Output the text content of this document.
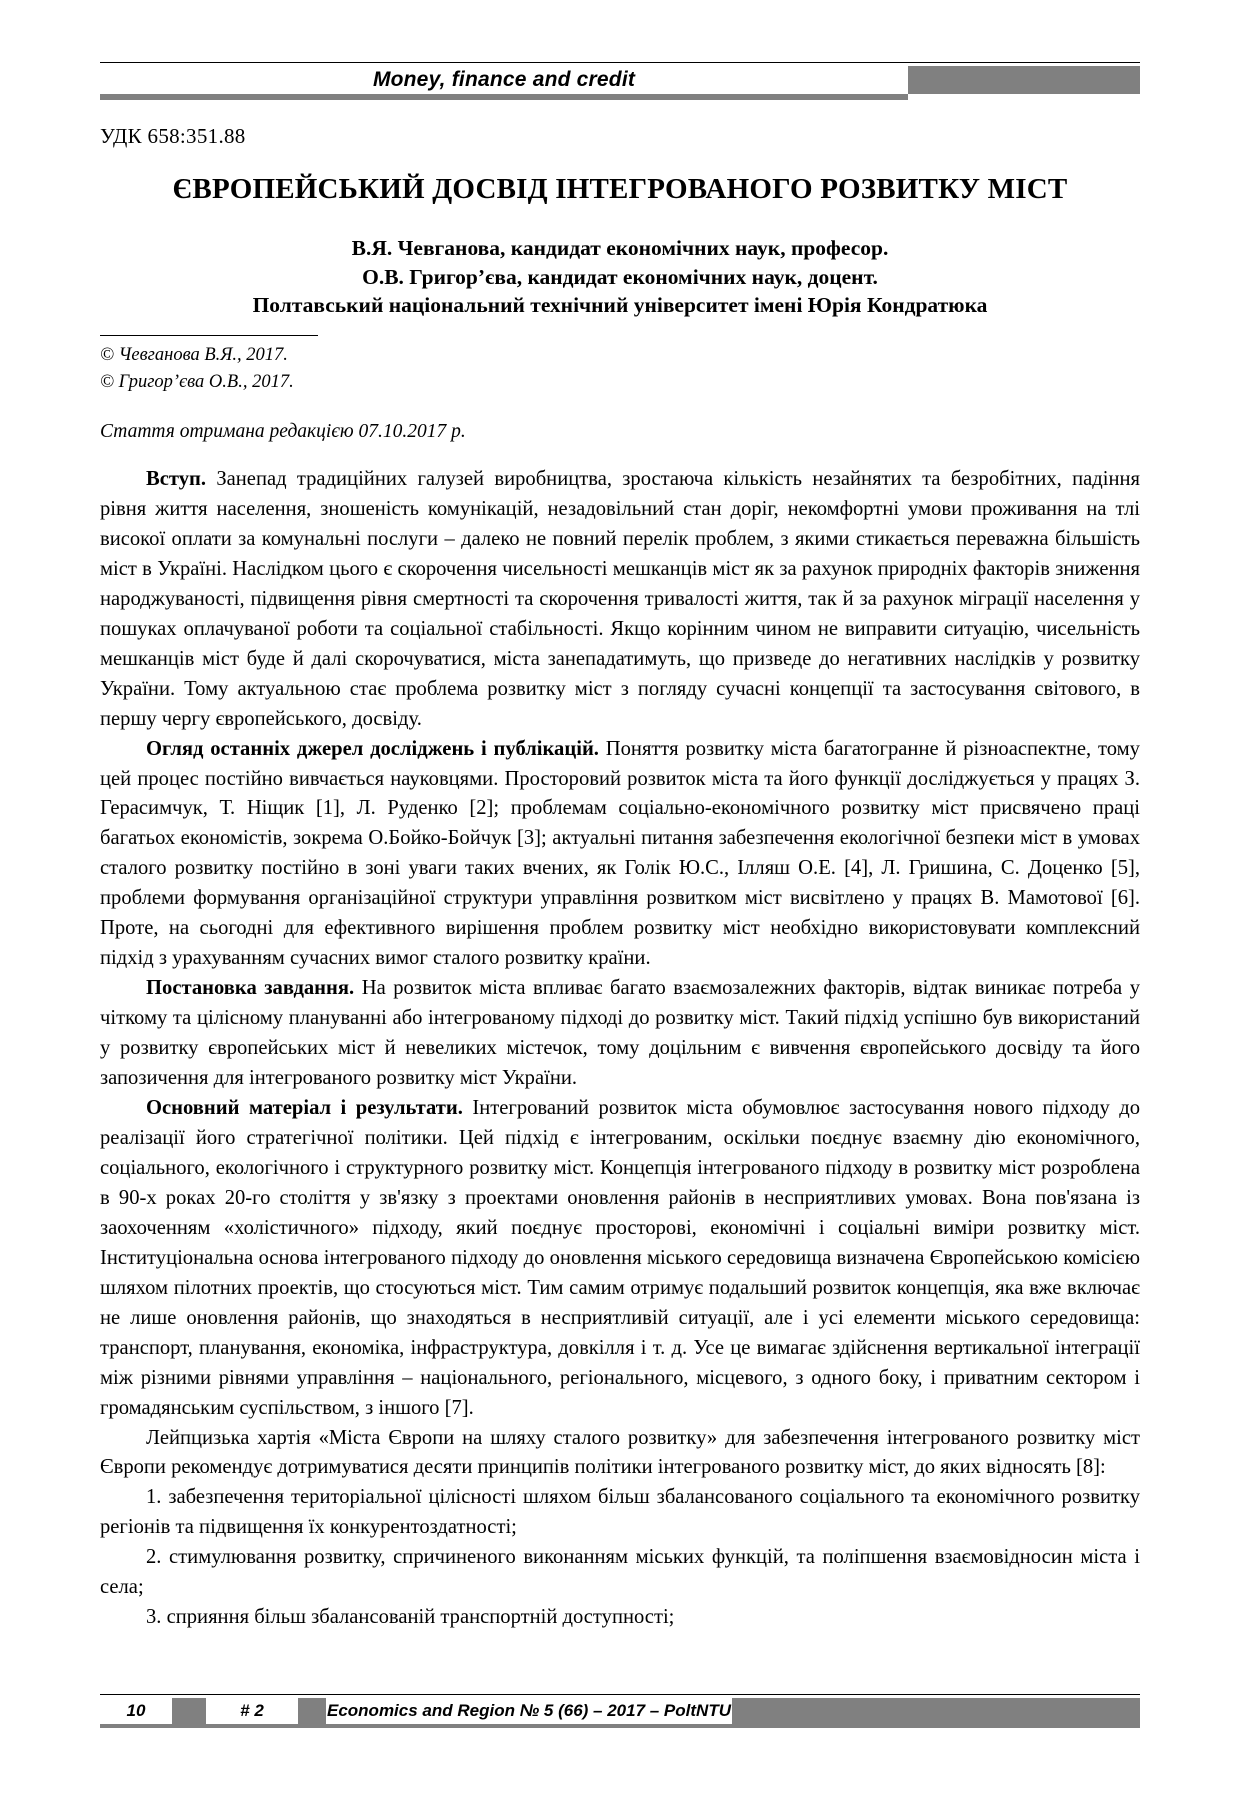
Money, finance and credit
УДК 658:351.88
ЄВРОПЕЙСЬКИЙ ДОСВІД ІНТЕГРОВАНОГО РОЗВИТКУ МІСТ
В.Я. Чевганова, кандидат економічних наук, професор.
О.В. Григор’єва, кандидат економічних наук, доцент.
Полтавський національний технічний університет імені Юрія Кондратюка
© Чевганова В.Я., 2017.
© Григор’єва О.В., 2017.
Стаття отримана редакцією 07.10.2017 р.

Вступ. Занепад традиційних галузей виробництва, зростаюча кількість незайнятих та безробітних, падіння рівня життя населення, зношеність комунікацій, незадовільний стан доріг, некомфортні умови проживання на тлі високої оплати за комунальні послуги – далеко не повний перелік проблем, з якими стикається переважна більшість міст в Україні. Наслідком цього є скорочення чисельності мешканців міст як за рахунок природніх факторів зниження народжуваності, підвищення рівня смертності та скорочення тривалості життя, так й за рахунок міграції населення у пошуках оплачуваної роботи та соціальної стабільності. Якщо корінним чином не виправити ситуацію, чисельність мешканців міст буде й далі скорочуватися, міста занепадатимуть, що призведе до негативних наслідків у розвитку України. Тому актуальною стає проблема розвитку міст з погляду сучасні концепції та застосування світового, в першу чергу європейського, досвіду.

Огляд останніх джерел досліджень і публікацій. Поняття розвитку міста багатогранне й різноаспектне, тому цей процес постійно вивчається науковцями. Просторовий розвиток міста та його функції досліджується у працях З. Герасимчук, Т. Ніщик [1], Л. Руденко [2]; проблемам соціально-економічного розвитку міст присвячено праці багатьох економістів, зокрема О.Бойко-Бойчук [3]; актуальні питання забезпечення екологічної безпеки міст в умовах сталого розвитку постійно в зоні уваги таких вчених, як Голік Ю.С., Ілляш О.Е. [4], Л. Гришина, С. Доценко [5], проблеми формування організаційної структури управління розвитком міст висвітлено у працях В. Мамотової [6]. Проте, на сьогодні для ефективного вирішення проблем розвитку міст необхідно використовувати комплексний підхід з урахуванням сучасних вимог сталого розвитку країни.

Постановка завдання. На розвиток міста впливає багато взаємозалежних факторів, відтак виникає потреба у чіткому та цілісному плануванні або інтегрованому підході до розвитку міст. Такий підхід успішно був використаний у розвитку європейських міст й невеликих містечок, тому доцільним є вивчення європейського досвіду та його запозичення для інтегрованого розвитку міст України.

Основний матеріал і результати. Інтегрований розвиток міста обумовлює застосування нового підходу до реалізації його стратегічної політики. Цей підхід є інтегрованим, оскільки поєднує взаємну дію економічного, соціального, екологічного і структурного розвитку міст. Концепція інтегрованого підходу в розвитку міст розроблена в 90-х роках 20-го століття у зв'язку з проектами оновлення районів в несприятливих умовах. Вона пов'язана із заохоченням «холістичного» підходу, який поєднує просторові, економічні і соціальні виміри розвитку міст. Інституціональна основа інтегрованого підходу до оновлення міського середовища визначена Європейською комісією шляхом пілотних проектів, що стосуються міст. Тим самим отримує подальший розвиток концепція, яка вже включає не лише оновлення районів, що знаходяться в несприятливій ситуації, але і усі елементи міського середовища: транспорт, планування, економіка, інфраструктура, довкілля і т. д. Усе це вимагає здійснення вертикальної інтеграції між різними рівнями управління – національного, регіонального, місцевого, з одного боку, і приватним сектором і громадянським суспільством, з іншого [7].

Лейпцизька хартія «Міста Європи на шляху сталого розвитку» для забезпечення інтегрованого розвитку міст Європи рекомендує дотримуватися десяти принципів політики інтегрованого розвитку міст, до яких відносять [8]:

1. забезпечення територіальної цілісності шляхом більш збалансованого соціального та економічного розвитку регіонів та підвищення їх конкурентоздатності;

2. стимулювання розвитку, спричиненого виконанням міських функцій, та поліпшення взаємовідносин міста і села;

3. сприяння більш збалансованій транспортній доступності;

10	# 2	Economics and Region № 5 (66) – 2017 – PoltNTU
